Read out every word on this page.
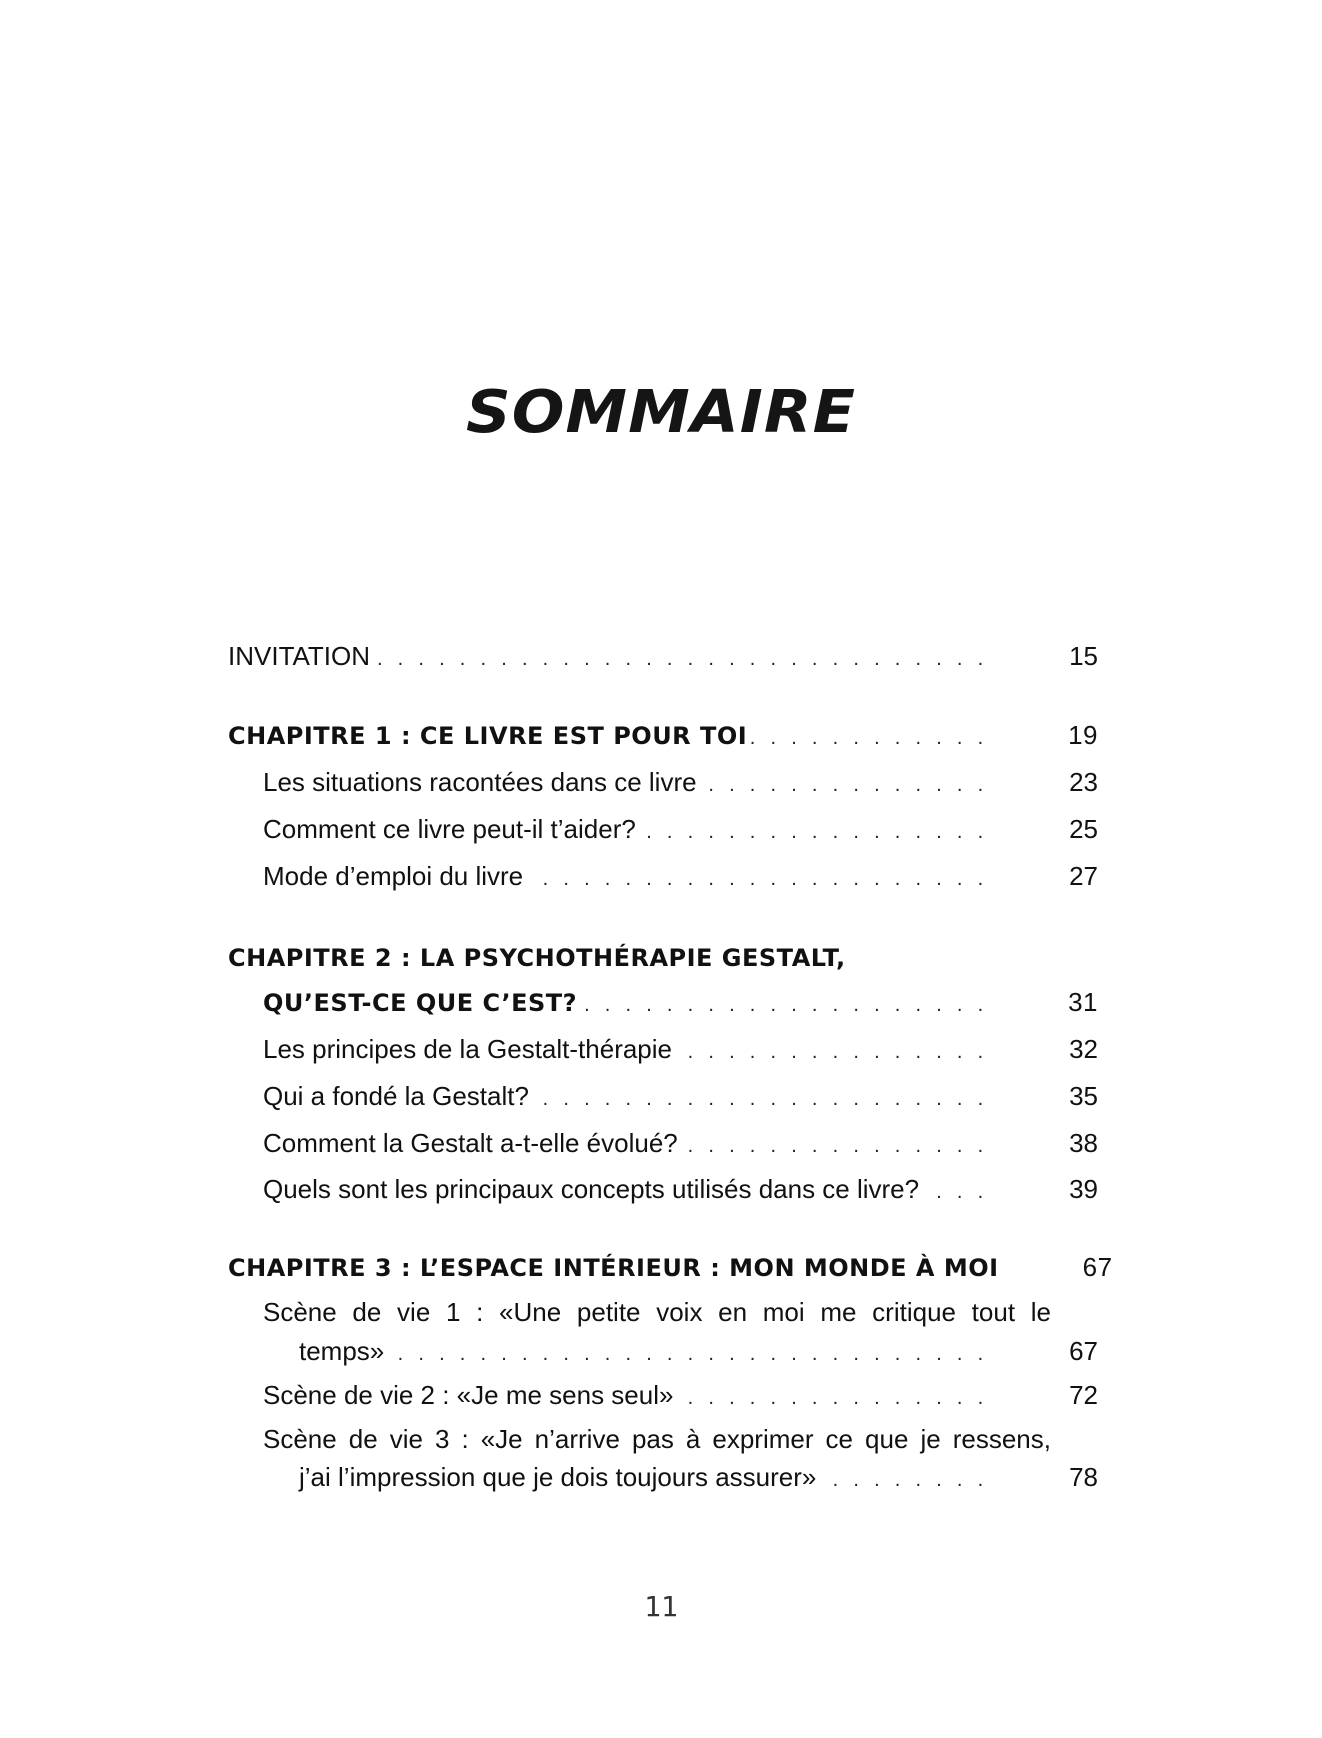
SOMMAIRE
INVITATION . . .	15
CHAPITRE 1 : CE LIVRE EST POUR TOI . . .	19
Les situations racontées dans ce livre . . .	23
Comment ce livre peut-il t’aider? . . .	25
Mode d’emploi du livre . . .	27
CHAPITRE 2 : LA PSYCHOTHÉRAPIE GESTALT,
QU’EST-CE QUE C’EST? . . .	31
Les principes de la Gestalt-thérapie . . .	32
Qui a fondé la Gestalt? . . .	35
Comment la Gestalt a-t-elle évolué? . . .	38
Quels sont les principaux concepts utilisés dans ce livre? . . .	39
CHAPITRE 3 : L’ESPACE INTÉRIEUR : MON MONDE À MOI	67
Scène de vie 1 : «Une petite voix en moi me critique tout le
temps» . . .	67
Scène de vie 2 : «Je me sens seul» . . .	72
Scène de vie 3 : «Je n’arrive pas à exprimer ce que je ressens,
j’ai l’impression que je dois toujours assurer» . . .	78
11
